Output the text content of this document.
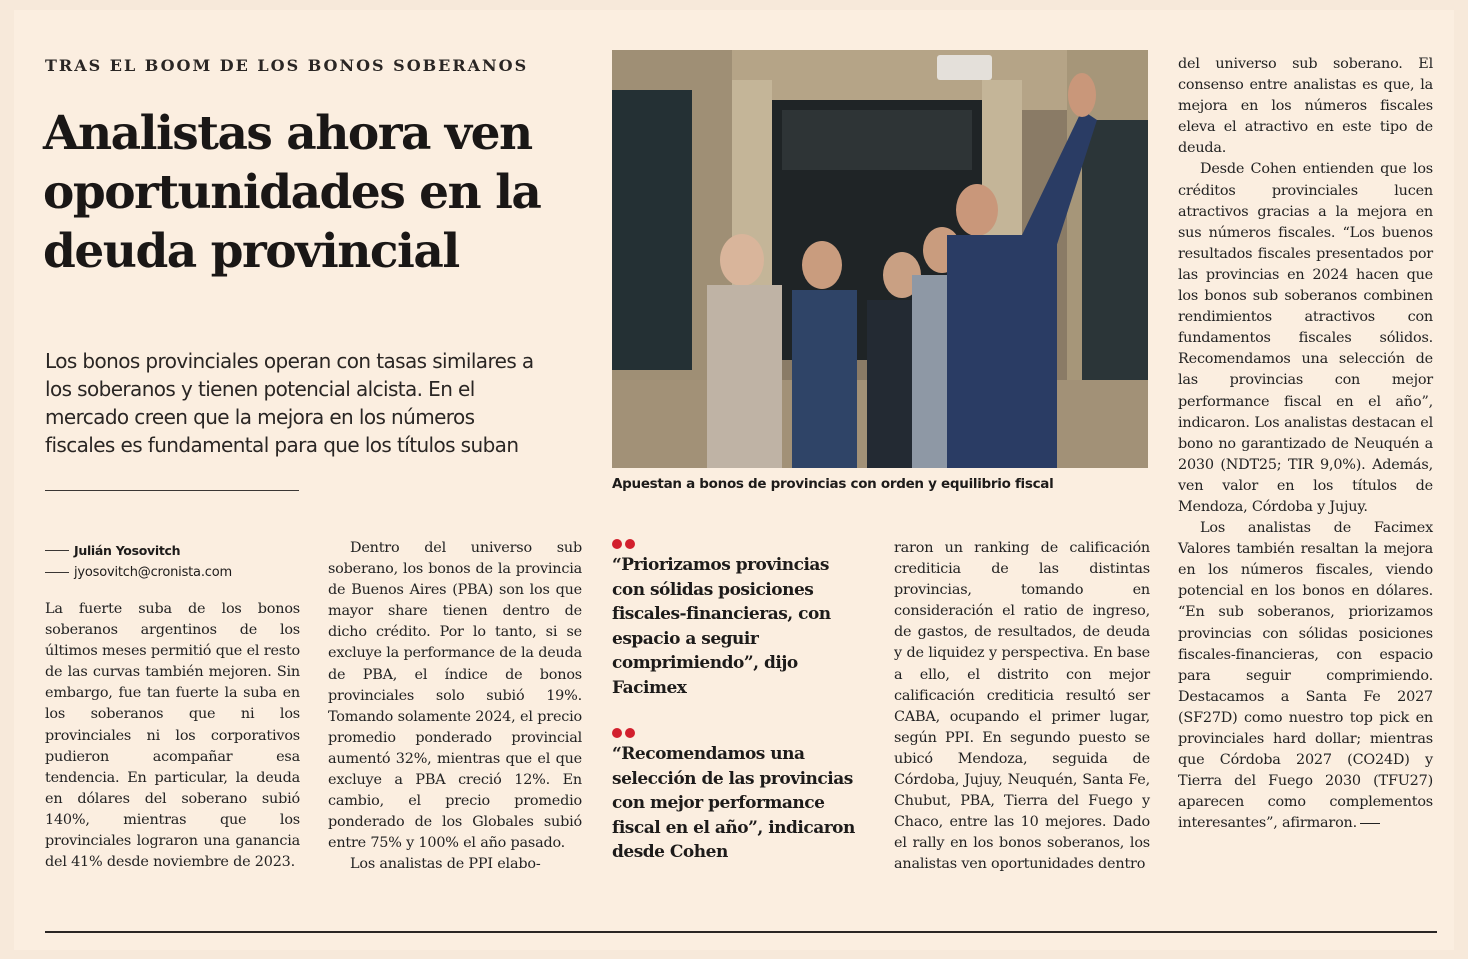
TRAS EL BOOM DE LOS BONOS SOBERANOS
Analistas ahora ven oportunidades en la deuda provincial
Los bonos provinciales operan con tasas similares a los soberanos y tienen potencial alcista. En el mercado creen que la mejora en los números fiscales es fundamental para que los títulos suban
Julián Yosovitch
jyosovitch@cronista.com

La fuerte suba de los bonos soberanos argentinos de los últimos meses permitió que el resto de las curvas también mejoren. Sin embargo, fue tan fuerte la suba en los soberanos que ni los provinciales ni los corporativos pudieron acompañar esa tendencia. En particular, la deuda en dólares del soberano subió 140%, mientras que los provinciales lograron una ganancia del 41% desde noviembre de 2023.

Dentro del universo sub soberano, los bonos de la provincia de Buenos Aires (PBA) son los que mayor share tienen dentro de dicho crédito. Por lo tanto, si se excluye la performance de la deuda de PBA, el índice de bonos provinciales solo subió 19%. Tomando solamente 2024, el precio promedio ponderado provincial aumentó 32%, mientras que el que excluye a PBA creció 12%. En cambio, el precio promedio ponderado de los Globales subió entre 75% y 100% el año pasado.

Los analistas de PPI elabo-

Apuestan a bonos de provincias con orden y equilibrio fiscal
“Priorizamos provincias con sólidas posiciones fiscales-financieras, con espacio a seguir comprimiendo”, dijo Facimex
“Recomendamos una selección de las provincias con mejor performance fiscal en el año”, indicaron desde Cohen

raron un ranking de calificación crediticia de las distintas provincias, tomando en consideración el ratio de ingreso, de gastos, de resultados, de deuda y de liquidez y perspectiva. En base a ello, el distrito con mejor calificación crediticia resultó ser CABA, ocupando el primer lugar, según PPI. En segundo puesto se ubicó Mendoza, seguida de Córdoba, Jujuy, Neuquén, Santa Fe, Chubut, PBA, Tierra del Fuego y Chaco, entre las 10 mejores. Dado el rally en los bonos soberanos, los analistas ven oportunidades dentro

del universo sub soberano. El consenso entre analistas es que, la mejora en los números fiscales eleva el atractivo en este tipo de deuda.

Desde Cohen entienden que los créditos provinciales lucen atractivos gracias a la mejora en sus números fiscales. “Los buenos resultados fiscales presentados por las provincias en 2024 hacen que los bonos sub soberanos combinen rendimientos atractivos con fundamentos fiscales sólidos. Recomendamos una selección de las provincias con mejor performance fiscal en el año”, indicaron. Los analistas destacan el bono no garantizado de Neuquén a 2030 (NDT25; TIR 9,0%). Además, ven valor en los títulos de Mendoza, Córdoba y Jujuy.

Los analistas de Facimex Valores también resaltan la mejora en los números fiscales, viendo potencial en los bonos en dólares. “En sub soberanos, priorizamos provincias con sólidas posiciones fiscales-financieras, con espacio para seguir comprimiendo. Destacamos a Santa Fe 2027 (SF27D) como nuestro top pick en provinciales hard dollar; mientras que Córdoba 2027 (CO24D) y Tierra del Fuego 2030 (TFU27) aparecen como complementos interesantes”, afirmaron.
